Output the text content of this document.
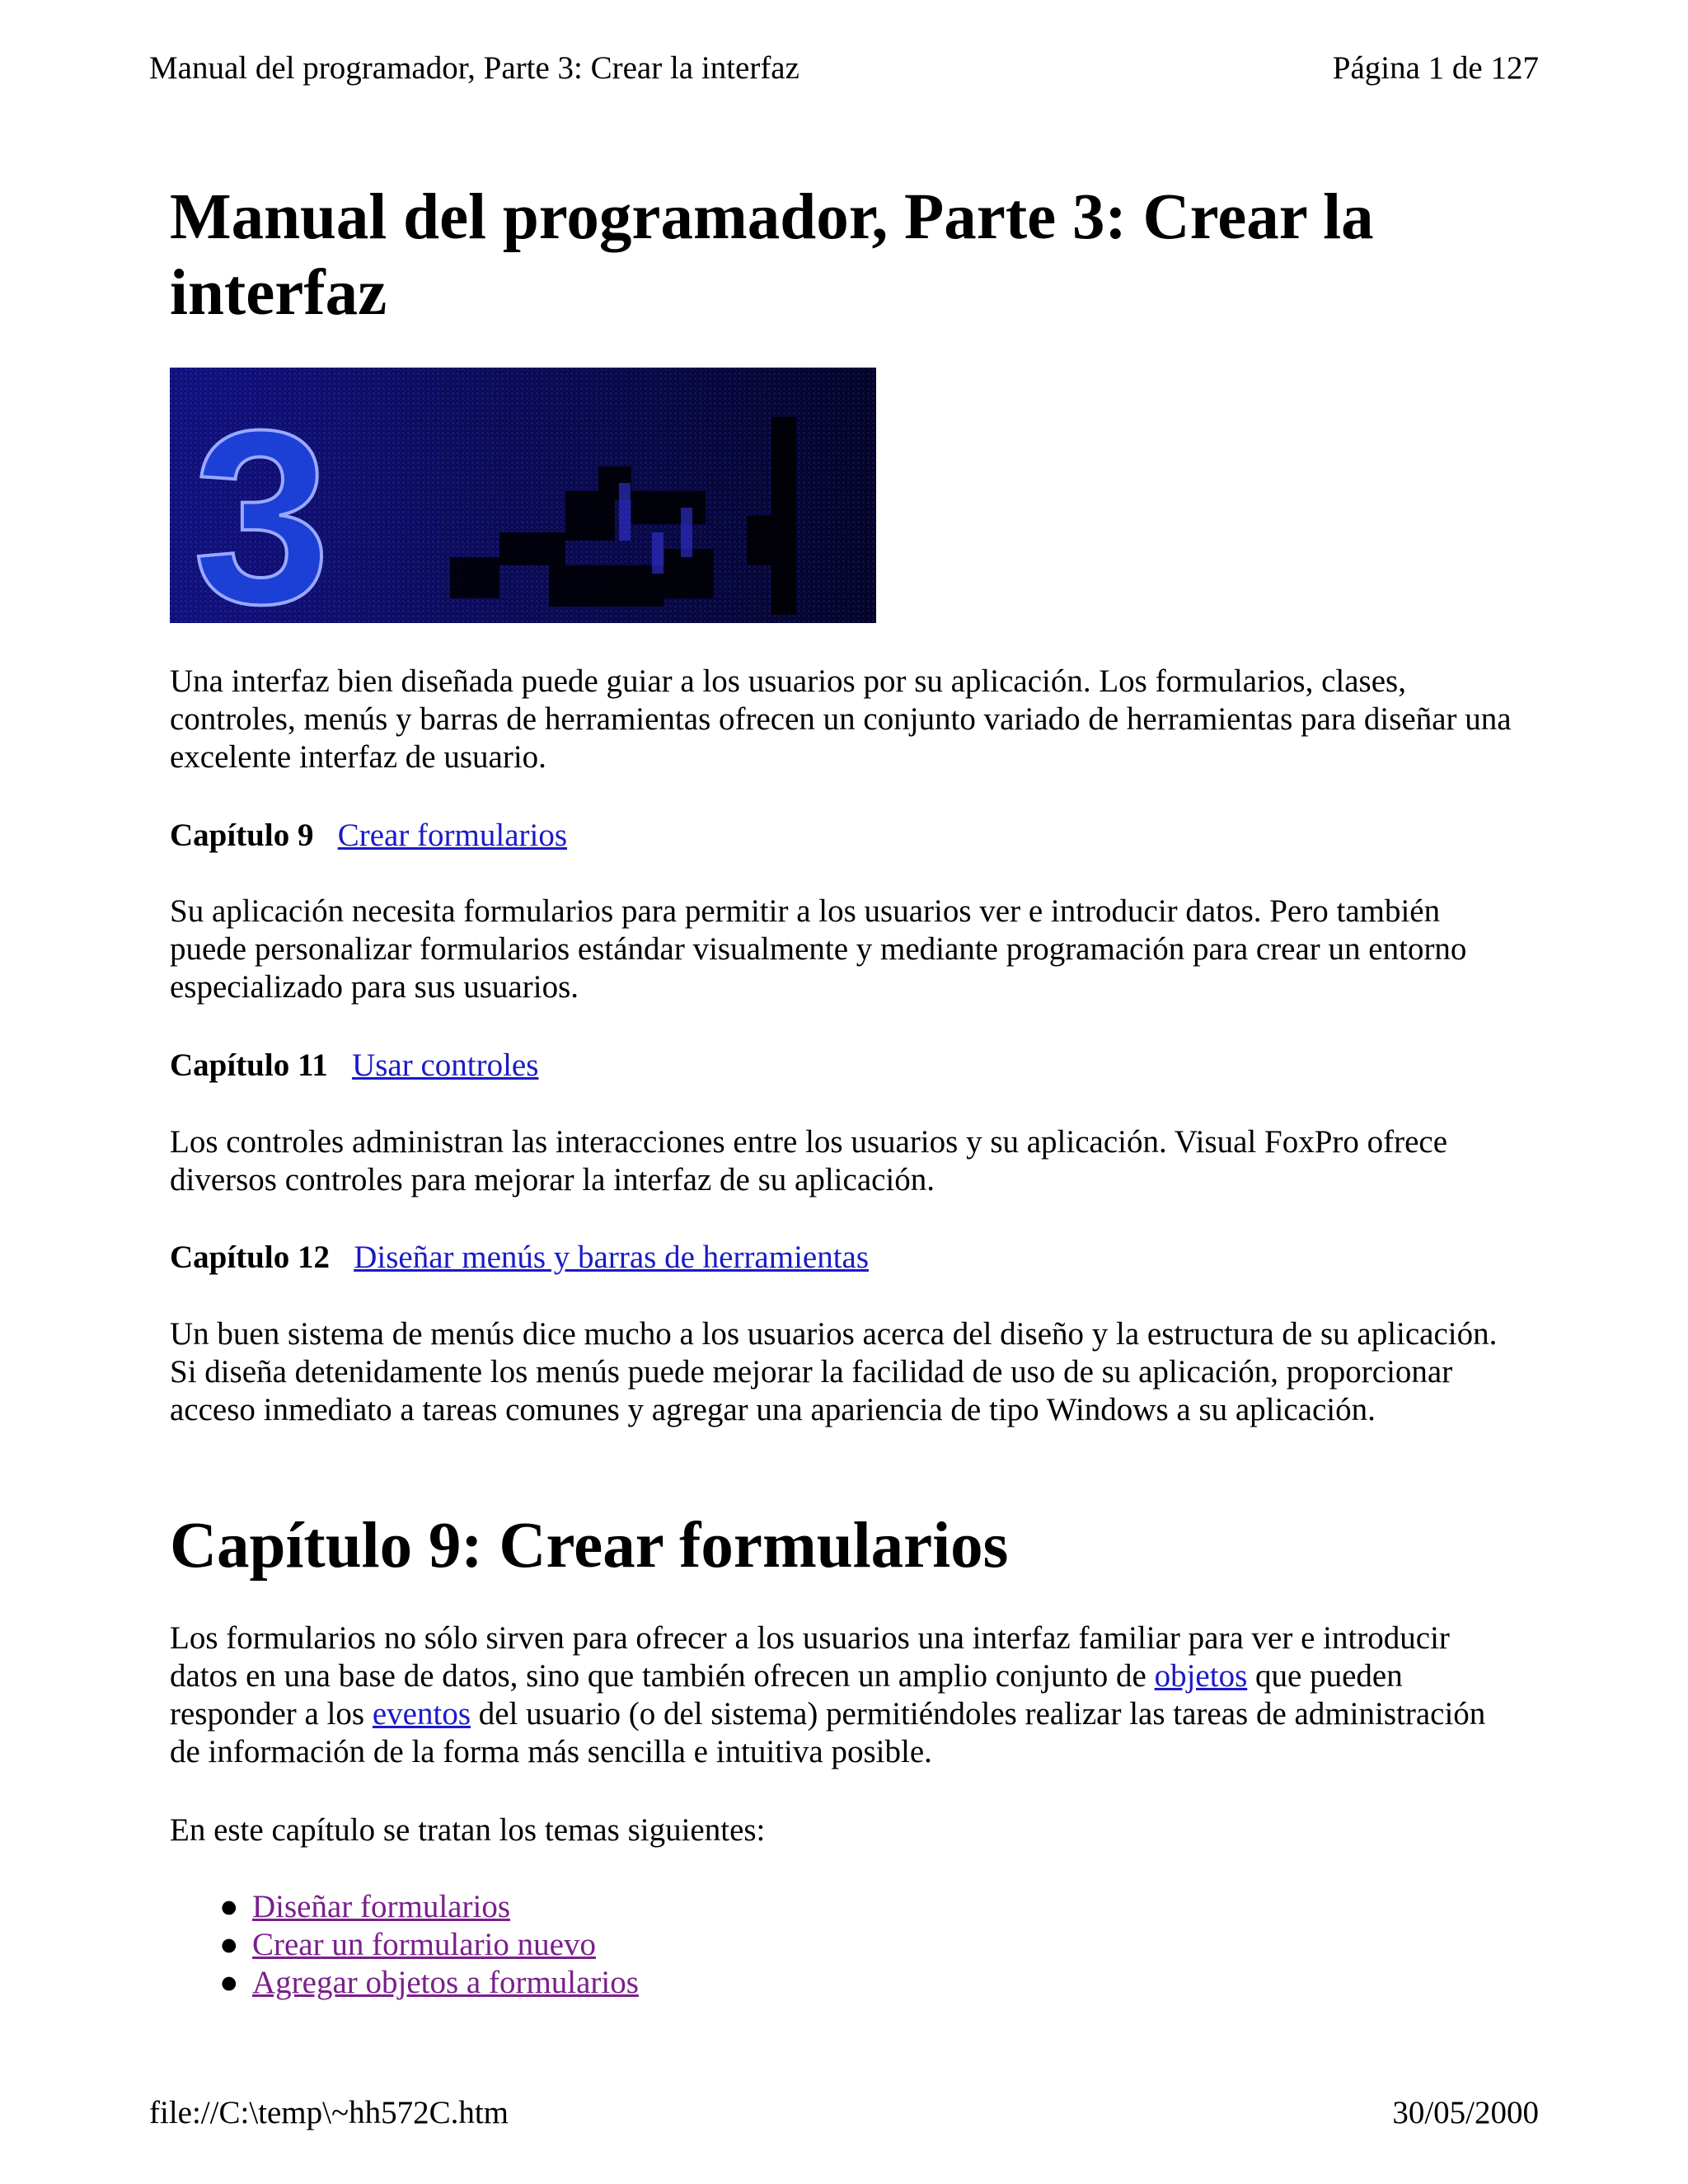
Manual del programador, Parte 3: Crear la interfaz	Página 1 de 127
Manual del programador, Parte 3: Crear la interfaz
3

Una interfaz bien diseñada puede guiar a los usuarios por su aplicación. Los formularios, clases, controles, menús y barras de herramientas ofrecen un conjunto variado de herramientas para diseñar una excelente interfaz de usuario.

Capítulo 9 Crear formularios

Su aplicación necesita formularios para permitir a los usuarios ver e introducir datos. Pero también puede personalizar formularios estándar visualmente y mediante programación para crear un entorno especializado para sus usuarios.

Capítulo 11 Usar controles

Los controles administran las interacciones entre los usuarios y su aplicación. Visual FoxPro ofrece diversos controles para mejorar la interfaz de su aplicación.

Capítulo 12 Diseñar menús y barras de herramientas

Un buen sistema de menús dice mucho a los usuarios acerca del diseño y la estructura de su aplicación. Si diseña detenidamente los menús puede mejorar la facilidad de uso de su aplicación, proporcionar acceso inmediato a tareas comunes y agregar una apariencia de tipo Windows a su aplicación.

Capítulo 9: Crear formularios

Los formularios no sólo sirven para ofrecer a los usuarios una interfaz familiar para ver e introducir datos en una base de datos, sino que también ofrecen un amplio conjunto de objetos que pueden responder a los eventos del usuario (o del sistema) permitiéndoles realizar las tareas de administración de información de la forma más sencilla e intuitiva posible.

En este capítulo se tratan los temas siguientes:

● Diseñar formularios
● Crear un formulario nuevo
● Agregar objetos a formularios
file://C:\temp\~hh572C.htm	30/05/2000
